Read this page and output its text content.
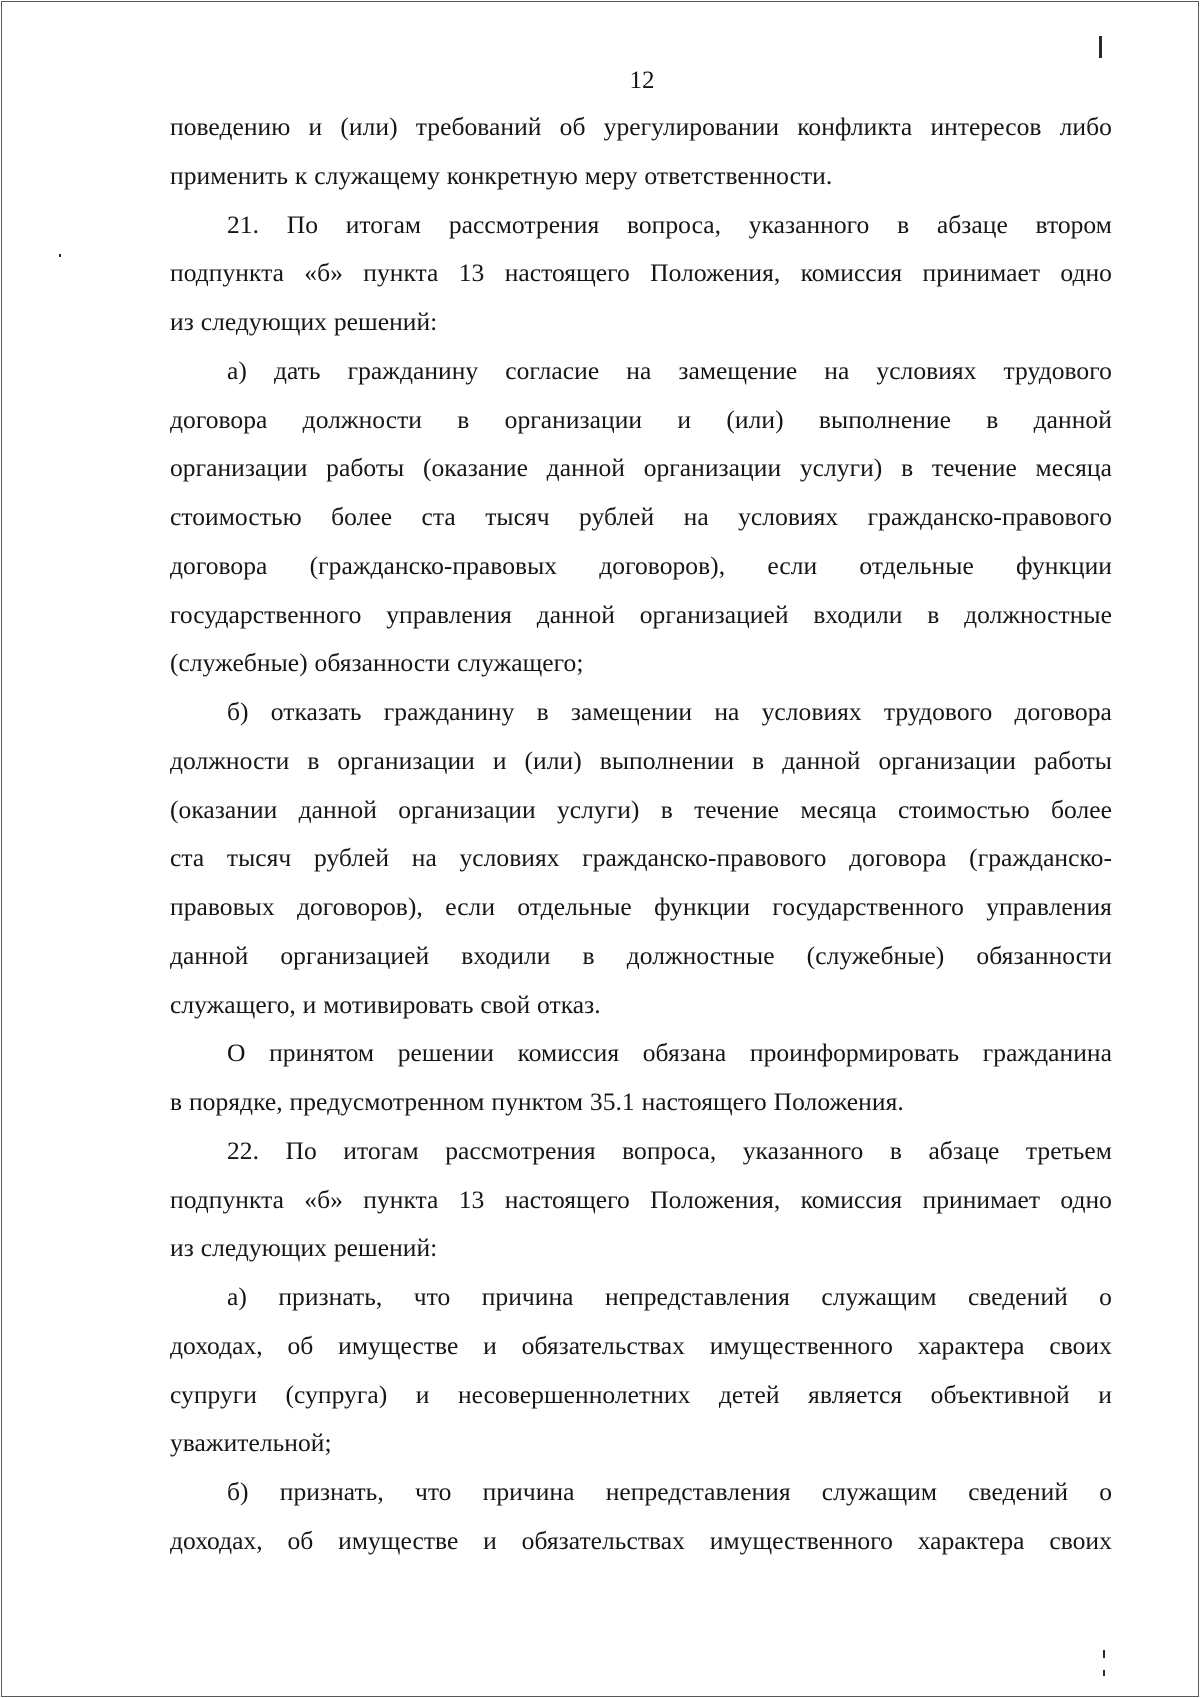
12
поведению и (или) требований об урегулировании конфликта интересов либо
применить к служащему конкретную меру ответственности.
21. По итогам рассмотрения вопроса, указанного в абзаце втором
подпункта «б» пункта 13 настоящего Положения, комиссия принимает одно
из следующих решений:
а) дать гражданину согласие на замещение на условиях трудового
договора должности в организации и (или) выполнение в данной
организации работы (оказание данной организации услуги) в течение месяца
стоимостью более ста тысяч рублей на условиях гражданско-правового
договора (гражданско-правовых договоров), если отдельные функции
государственного управления данной организацией входили в должностные
(служебные) обязанности служащего;
б) отказать гражданину в замещении на условиях трудового договора
должности в организации и (или) выполнении в данной организации работы
(оказании данной организации услуги) в течение месяца стоимостью более
ста тысяч рублей на условиях гражданско-правового договора (гражданско-
правовых договоров), если отдельные функции государственного управления
данной организацией входили в должностные (служебные) обязанности
служащего, и мотивировать свой отказ.
О принятом решении комиссия обязана проинформировать гражданина
в порядке, предусмотренном пунктом 35.1 настоящего Положения.
22. По итогам рассмотрения вопроса, указанного в абзаце третьем
подпункта «б» пункта 13 настоящего Положения, комиссия принимает одно
из следующих решений:
а) признать, что причина непредставления служащим сведений о
доходах, об имуществе и обязательствах имущественного характера своих
супруги (супруга) и несовершеннолетних детей является объективной и
уважительной;
б) признать, что причина непредставления служащим сведений о
доходах, об имуществе и обязательствах имущественного характера своих
